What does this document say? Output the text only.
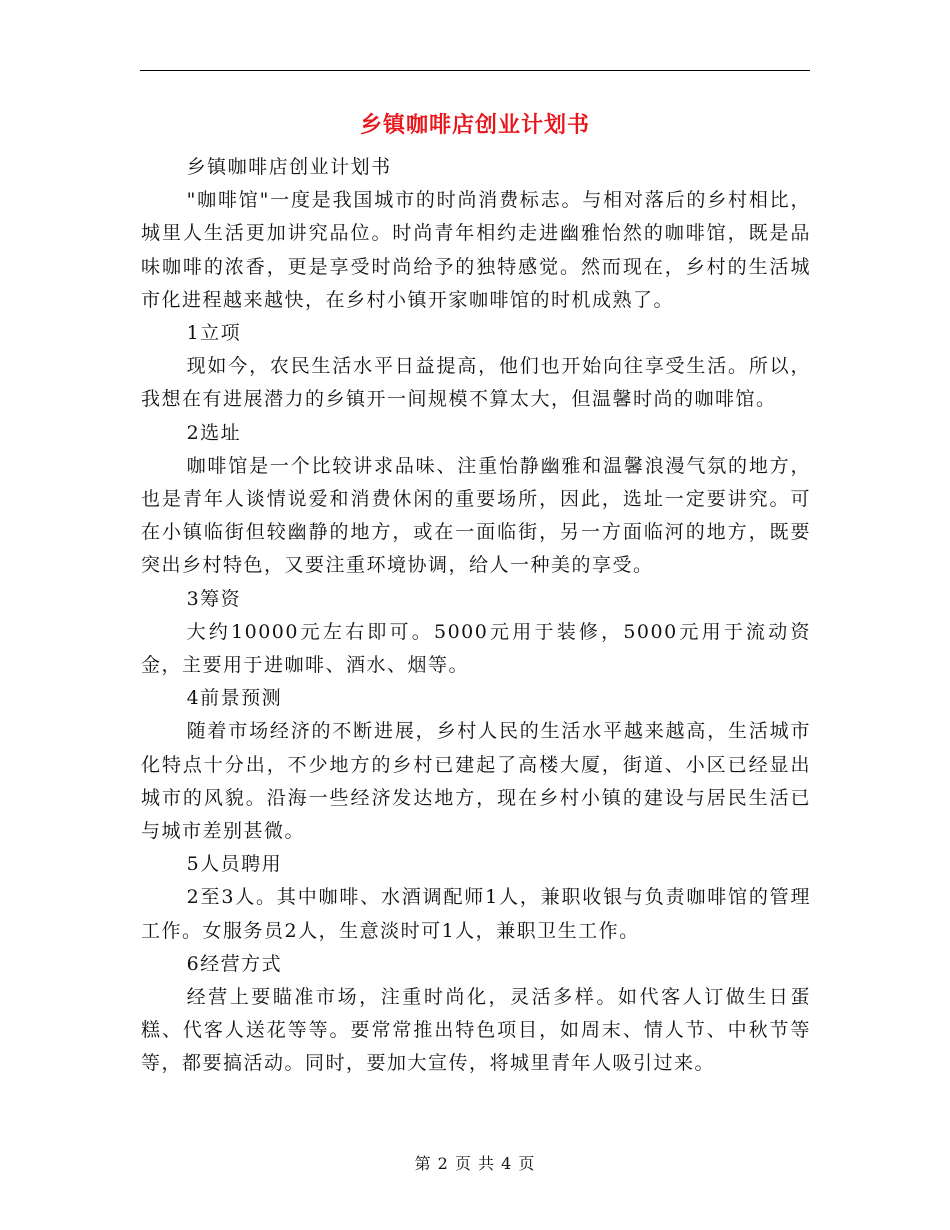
乡镇咖啡店创业计划书

乡镇咖啡店创业计划书

"咖啡馆"一度是我国城市的时尚消费标志。与相对落后的乡村相比，城里人生活更加讲究品位。时尚青年相约走进幽雅怡然的咖啡馆，既是品味咖啡的浓香，更是享受时尚给予的独特感觉。然而现在，乡村的生活城市化进程越来越快，在乡村小镇开家咖啡馆的时机成熟了。

1立项

现如今，农民生活水平日益提高，他们也开始向往享受生活。所以，我想在有进展潜力的乡镇开一间规模不算太大，但温馨时尚的咖啡馆。

2选址

咖啡馆是一个比较讲求品味、注重怡静幽雅和温馨浪漫气氛的地方，也是青年人谈情说爱和消费休闲的重要场所，因此，选址一定要讲究。可在小镇临街但较幽静的地方，或在一面临街，另一方面临河的地方，既要突出乡村特色，又要注重环境协调，给人一种美的享受。

3筹资

大约10000元左右即可。5000元用于装修，5000元用于流动资金，主要用于进咖啡、酒水、烟等。

4前景预测

随着市场经济的不断进展，乡村人民的生活水平越来越高，生活城市化特点十分出，不少地方的乡村已建起了高楼大厦，街道、小区已经显出城市的风貌。沿海一些经济发达地方，现在乡村小镇的建设与居民生活已与城市差别甚微。

5人员聘用

2至3人。其中咖啡、水酒调配师1人，兼职收银与负责咖啡馆的管理工作。女服务员2人，生意淡时可1人，兼职卫生工作。

6经营方式

经营上要瞄准市场，注重时尚化，灵活多样。如代客人订做生日蛋糕、代客人送花等等。要常常推出特色项目，如周末、情人节、中秋节等等，都要搞活动。同时，要加大宣传，将城里青年人吸引过来。

第 2 页 共 4 页
